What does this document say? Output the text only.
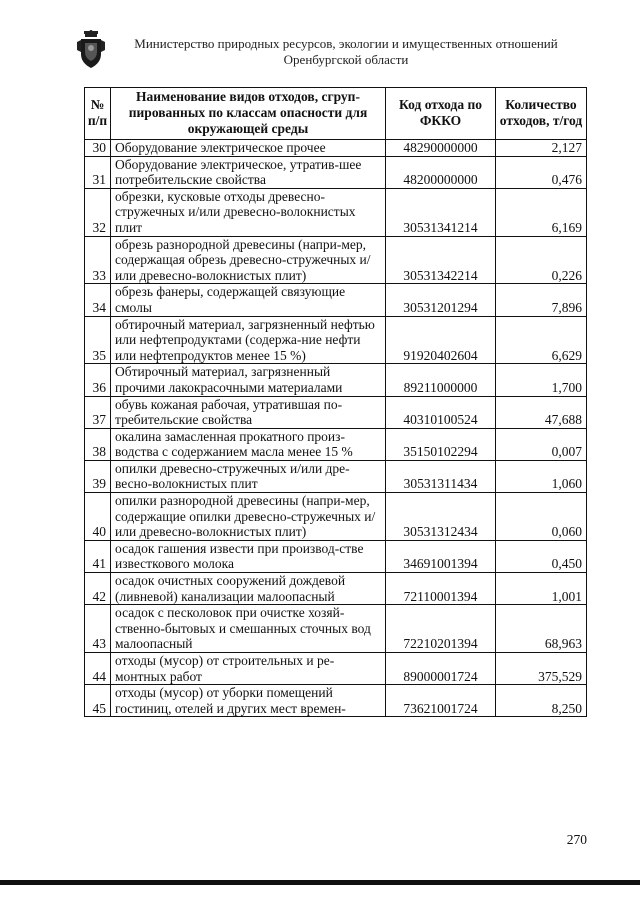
Министерство природных ресурсов, экологии и имущественных отношений
Оренбургской области
№ п/п	Наименование видов отходов, сгруп-пированных по классам опасности для окружающей среды	Код отхода по ФККО	Количество отходов, т/год
30	Оборудование электрическое прочее	48290000000	2,127
31	Оборудование электрическое, утратив-шее потребительские свойства	48200000000	0,476
32	обрезки, кусковые отходы древесно-стружечных и/или древесно-волокнистых плит	30531341214	6,169
33	обрезь разнородной древесины (напри-мер, содержащая обрезь древесно-стружечных и/или древесно-волокнистых плит)	30531342214	0,226
34	обрезь фанеры, содержащей связующие смолы	30531201294	7,896
35	обтирочный материал, загрязненный нефтью или нефтепродуктами (содержа-ние нефти или нефтепродуктов менее 15 %)	91920402604	6,629
36	Обтирочный материал, загрязненный прочими лакокрасочными материалами	89211000000	1,700
37	обувь кожаная рабочая, утратившая по-требительские свойства	40310100524	47,688
38	окалина замасленная прокатного произ-водства с содержанием масла менее 15 %	35150102294	0,007
39	опилки древесно-стружечных и/или дре-весно-волокнистых плит	30531311434	1,060
40	опилки разнородной древесины (напри-мер, содержащие опилки древесно-стружечных и/или древесно-волокнистых плит)	30531312434	0,060
41	осадок гашения извести при производ-стве известкового молока	34691001394	0,450
42	осадок очистных сооружений дождевой (ливневой) канализации малоопасный	72110001394	1,001
43	осадок с песколовок при очистке хозяй-ственно-бытовых и смешанных сточных вод малоопасный	72210201394	68,963
44	отходы (мусор) от строительных и ре-монтных работ	89000001724	375,529
45	отходы (мусор) от уборки помещений гостиниц, отелей и других мест времен-	73621001724	8,250
270
